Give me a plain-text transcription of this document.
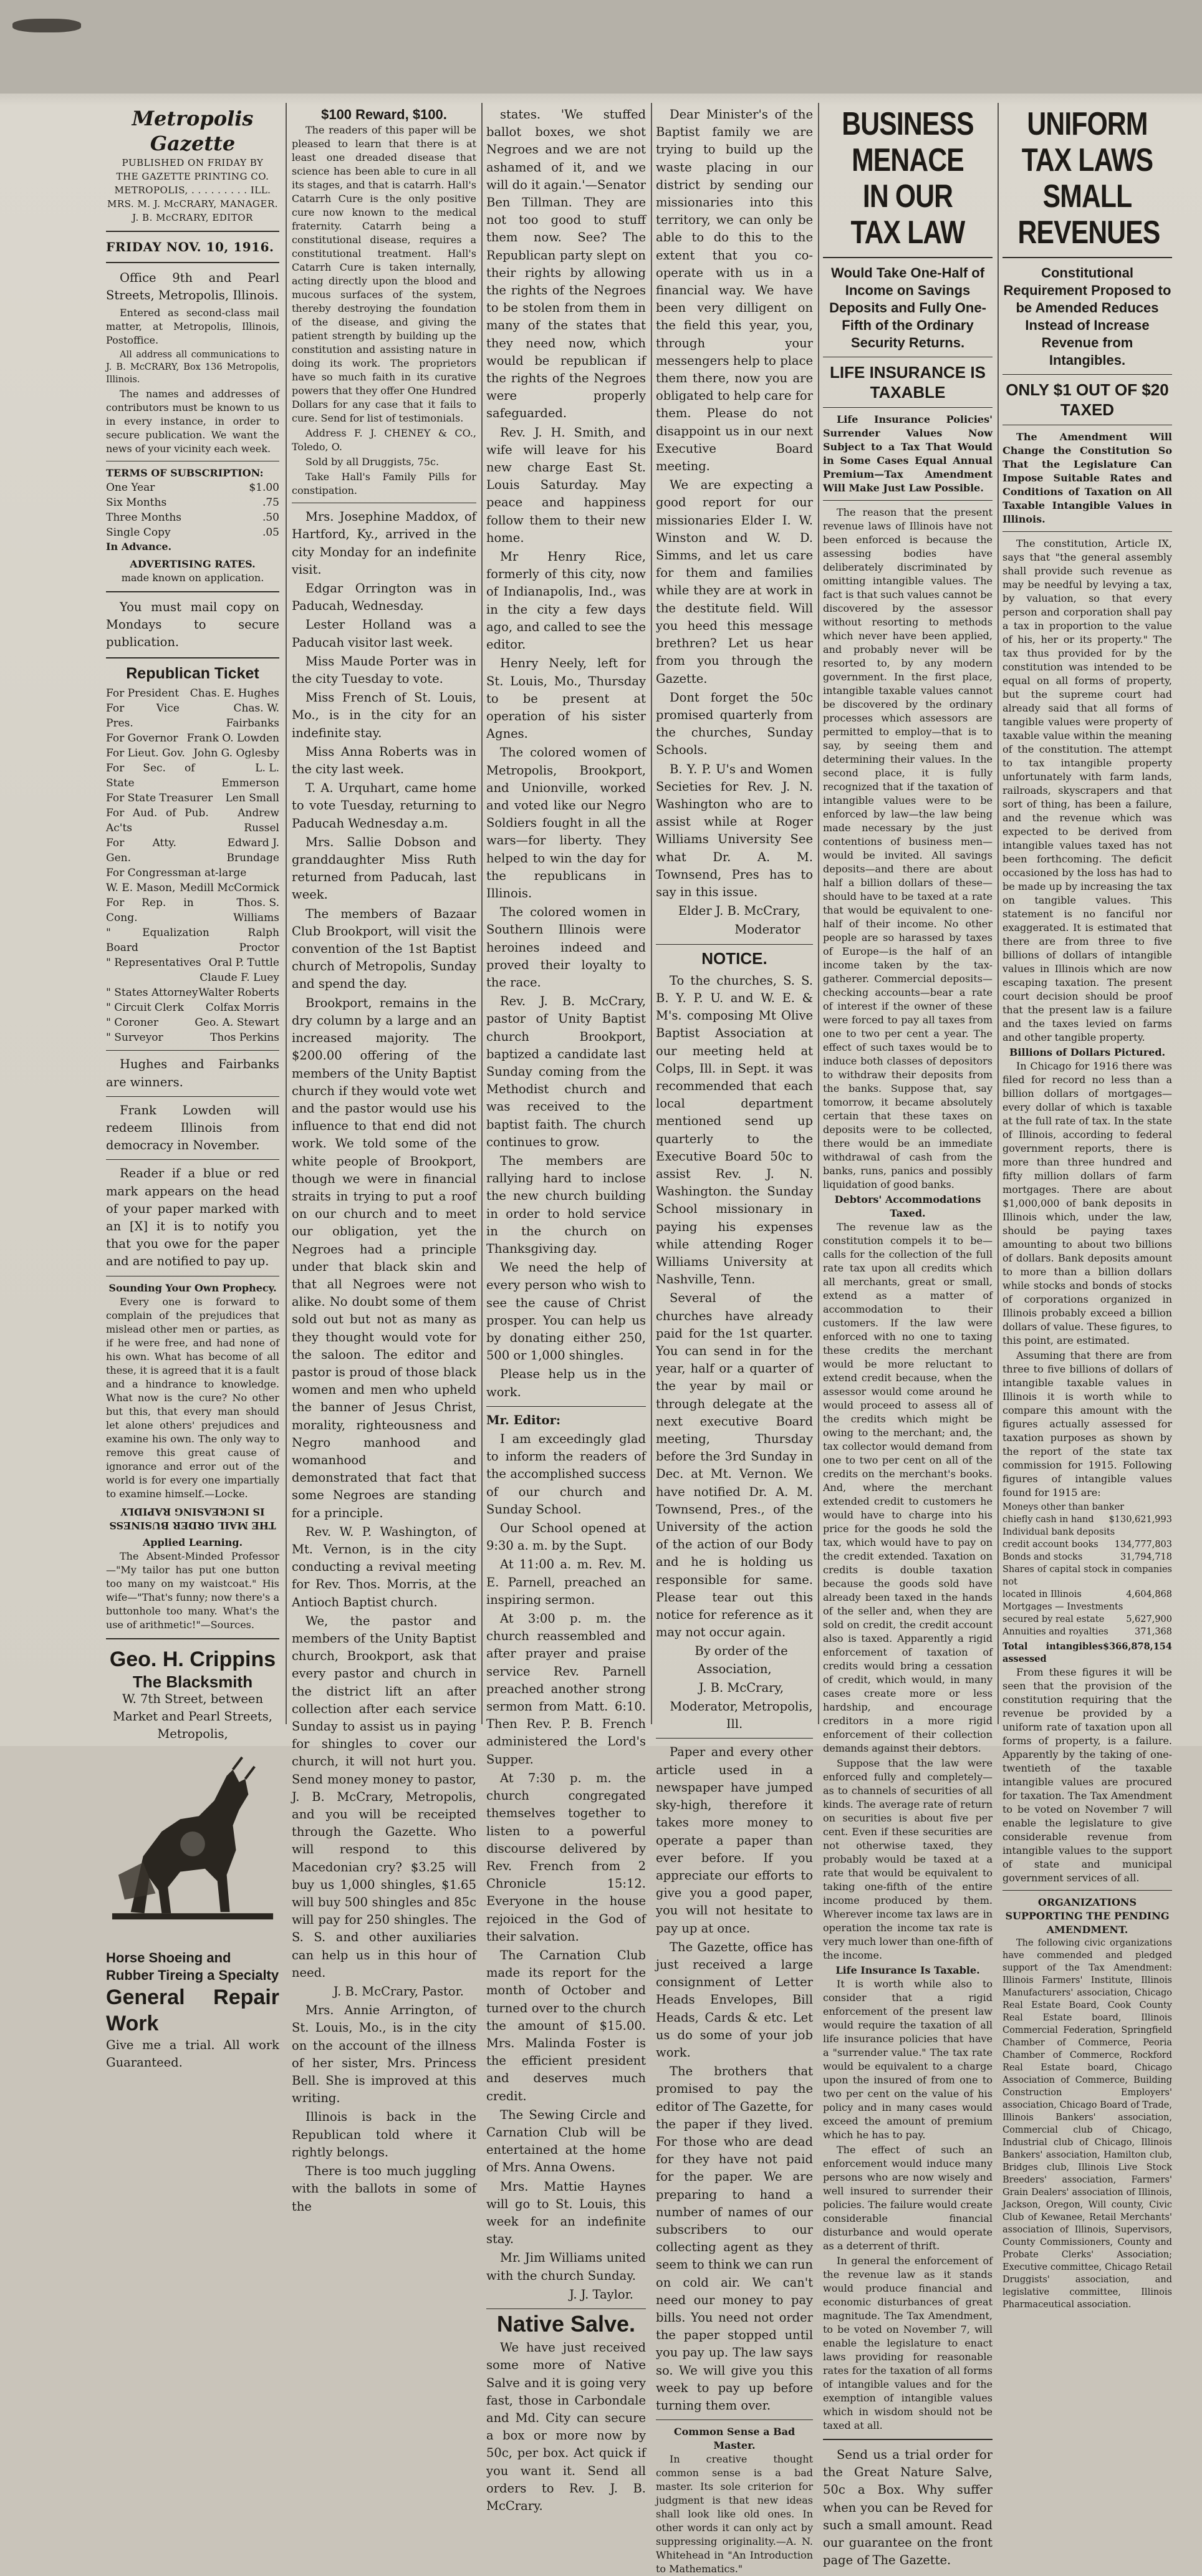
Metropolis Gazette
PUBLISHED ON FRIDAY BY
THE GAZETTE PRINTING CO.
METROPOLIS, . . . . . . . . . ILL.
MRS. M. J. McCRARY, MANAGER.
J. B. McCRARY, EDITOR
FRIDAY NOV. 10, 1916.

Office 9th and Pearl Streets, Metropolis, Illinois.

Entered as second-class mail matter, at Metropolis, Illinois, Postoffice.

All address all communications to J. B. McCRARY, Box 136 Metropolis, Illinois.

The names and addresses of contributors must be known to us in every instance, in order to secure publication. We want the news of your vicinity each week.

TERMS OF SUBSCRIPTION:
One Year	$1.00
Six Months	.75
Three Months	.50
Single Copy	.05
In Advance.
ADVERTISING RATES.
made known on application.

You must mail copy on Mondays to secure publication.

Republican Ticket
For President Chas. E. Hughes
For Vice Pres.
Chas. W. Fairbanks
For Governor Frank O. Lowden
For Lieut. Gov. John G. Oglesby
For Sec. of State
L. L. Emmerson
For State Treasurer Len Small
For Aud. of Pub. Ac'ts
Andrew Russel
For Atty. Gen.
Edward J. Brundage
For Congressman at-large
W. E. Mason, Medill McCormick
For Rep. in Cong.
Thos. S. Williams
" Equalization Board
Ralph Proctor
" Representatives Oral P. Tuttle
Claude F. Luey
" States Attorney Walter Roberts
" Circuit Clerk Colfax Morris
" Coroner	Geo. A. Stewart
" Surveyor	Thos Perkins

Hughes and Fairbanks are winners.

Frank Lowden will redeem Illinois from democracy in November.

Reader if a blue or red mark appears on the head of your paper marked with an [X] it is to notify you that you owe for the paper and are notified to pay up.

Sounding Your Own Prophecy.

Every one is forward to complain of the prejudices that mislead other men or parties, as if he were free, and had none of his own. What has become of all these, it is agreed that it is a fault and a hindrance to knowledge. What now is the cure? No other but this, that every man should let alone others' prejudices and examine his own. The only way to remove this great cause of ignorance and error out of the world is for every one impartially to examine himself.—Locke.

THE MAIL ORDER BUSINESS IS INCREASING RAPIDLY
Applied Learning.

The Absent-Minded Professor—"My tailor has put one button too many on my waistcoat." His wife—"That's funny; now there's a buttonhole too many. What's the use of arithmetic!"—Sources.

Geo. H. Crippins
The Blacksmith

W. 7th Street, between Market and Pearl Streets, Metropolis,

Horse Shoeing and Rubber Tireing a Specialty
General Repair Work

Give me a trial. All work Guaranteed.

$100 Reward, $100.

The readers of this paper will be pleased to learn that there is at least one dreaded disease that science has been able to cure in all its stages, and that is catarrh. Hall's Catarrh Cure is the only positive cure now known to the medical fraternity. Catarrh being a constitutional disease, requires a constitutional treatment. Hall's Catarrh Cure is taken internally, acting directly upon the blood and mucous surfaces of the system, thereby destroying the foundation of the disease, and giving the patient strength by building up the constitution and assisting nature in doing its work. The proprietors have so much faith in its curative powers that they offer One Hundred Dollars for any case that it fails to cure. Send for list of testimonials.

Address F. J. CHENEY & CO., Toledo, O.

Sold by all Druggists, 75c.

Take Hall's Family Pills for constipation.

Mrs. Josephine Maddox, of Hartford, Ky., arrived in the city Monday for an indefinite visit.

Edgar Orrington was in Paducah, Wednesday.

Lester Holland was a Paducah visitor last week.

Miss Maude Porter was in the city Tuesday to vote.

Miss French of St. Louis, Mo., is in the city for an indefinite stay.

Miss Anna Roberts was in the city last week.

T. A. Urquhart, came home to vote Tuesday, returning to Paducah Wednesday a.m.

Mrs. Sallie Dobson and granddaughter Miss Ruth returned from Paducah, last week.

The members of Bazaar Club Brookport, will visit the convention of the 1st Baptist church of Metropolis, Sunday and spend the day.

Brookport, remains in the dry column by a large and an increased majority. The $200.00 offering of the members of the Unity Baptist church if they would vote wet and the pastor would use his influence to that end did not work. We told some of the white people of Brookport, though we were in financial straits in trying to put a roof on our church and to meet our obligation, yet the Negroes had a principle under that black skin and that all Negroes were not alike. No doubt some of them sold out but not as many as they thought would vote for the saloon. The editor and pastor is proud of those black women and men who upheld the banner of Jesus Christ, morality, righteousness and Negro manhood and womanhood and demonstrated that fact that some Negroes are standing for a principle.

Rev. W. P. Washington, of Mt. Vernon, is in the city conducting a revival meeting for Rev. Thos. Morris, at the Antioch Baptist church.

We, the pastor and members of the Unity Baptist church, Brookport, ask that every pastor and church in the district lift an after collection after each service Sunday to assist us in paying for shingles to cover our church, it will not hurt you. Send money money to pastor, J. B. McCrary, Metropolis, and you will be receipted through the Gazette. Who will respond to this Macedonian cry? $3.25 will buy us 1,000 shingles, $1.65 will buy 500 shingles and 85c will pay for 250 shingles. The S. S. and other auxiliaries can help us in this hour of need.

J. B. McCrary, Pastor.

Mrs. Annie Arrington, of St. Louis, Mo., is in the city on the account of the illness of her sister, Mrs. Princess Bell. She is improved at this writing.

Illinois is back in the Republican told where it rightly belongs.

There is too much juggling with the ballots in some of the

states. 'We stuffed ballot boxes, we shot Negroes and we are not ashamed of it, and we will do it again.'—Senator Ben Tillman. They are not too good to stuff them now. See? The Republican party slept on their rights by allowing the rights of the Negroes to be stolen from them in many of the states that they need now, which would be republican if the rights of the Negroes were properly safeguarded.

Rev. J. H. Smith, and wife will leave for his new charge East St. Louis Saturday. May peace and happiness follow them to their new home.

Mr Henry Rice, formerly of this city, now of Indianapolis, Ind., was in the city a few days ago, and called to see the editor.

Henry Neely, left for St. Louis, Mo., Thursday to be present at operation of his sister Agnes.

The colored women of Metropolis, Brookport, and Unionville, worked and voted like our Negro Soldiers fought in all the wars—for liberty. They helped to win the day for the republicans in Illinois.

The colored women in Southern Illinois were heroines indeed and proved their loyalty to the race.

Rev. J. B. McCrary, pastor of Unity Baptist church Brookport, baptized a candidate last Sunday coming from the Methodist church and was received to the baptist faith. The church continues to grow.

The members are rallying hard to inclose the new church building in order to hold service in the church on Thanksgiving day.

We need the help of every person who wish to see the cause of Christ prosper. You can help us by donating either 250, 500 or 1,000 shingles.

Please help us in the work.

Mr. Editor:

I am exceedingly glad to inform the readers of the accomplished success of our church and Sunday School.

Our School opened at 9:30 a. m. by the Supt.

At 11:00 a. m. Rev. M. E. Parnell, preached an inspiring sermon.

At 3:00 p. m. the church reassembled and after prayer and praise service Rev. Parnell preached another strong sermon from Matt. 6:10. Then Rev. P. B. French administered the Lord's Supper.

At 7:30 p. m. the church congregated themselves together to listen to a powerful discourse delivered by Rev. French from 2 Chronicle 15:12. Everyone in the house rejoiced in the God of their salvation.

The Carnation Club made its report for the month of October and turned over to the church the amount of $15.00. Mrs. Malinda Foster is the efficient president and deserves much credit.

The Sewing Circle and Carnation Club will be entertained at the home of Mrs. Anna Owens.

Mrs. Mattie Haynes will go to St. Louis, this week for an indefinite stay.

Mr. Jim Williams united with the church Sunday.

J. J. Taylor.

Native Salve.

We have just received some more of Native Salve and it is going very fast, those in Carbondale and Md. City can secure a box or more now by 50c, per box. Act quick if you want it. Send all orders to Rev. J. B. McCrary.

Dear Minister's of the Baptist family we are trying to build up the waste placing in our district by sending our missionaries into this territory, we can only be able to do this to the extent that you co-operate with us in a financial way. We have been very dilligent on the field this year, you, through your messengers help to place them there, now you are obligated to help care for them. Please do not disappoint us in our next Executive Board meeting.

We are expecting a good report for our missionaries Elder I. W. Winston and W. D. Simms, and let us care for them and families while they are at work in the destitute field. Will you heed this message brethren? Let us hear from you through the Gazette.

Dont forget the 50c promised quarterly from the churches, Sunday Schools.

B. Y. P. U's and Women Secieties for Rev. J. N. Washington who are to assist while at Roger Williams University See what Dr. A. M. Townsend, Pres has to say in this issue.

Elder J. B. McCrary,

Moderator

NOTICE.

To the churches, S. S. B. Y. P. U. and W. E. & M's. composing Mt Olive Baptist Association at our meeting held at Colps, Ill. in Sept. it was recommended that each local department mentioned send up quarterly to the Executive Board 50c to assist Rev. J. N. Washington. the Sunday School missionary in paying his expenses while attending Roger Williams University at Nashville, Tenn.

Several of the churches have already paid for the 1st quarter. You can send in for the year, half or a quarter of the year by mail or through delegate at the next executive Board meeting, Thursday before the 3rd Sunday in Dec. at Mt. Vernon. We have notified Dr. A. M. Townsend, Pres., of the University of the action of the action of our Body and he is holding us responsible for same. Please tear out this notice for reference as it may not occur again.

By order of the Association,

J. B. McCrary,

Moderator, Metropolis, Ill.

Paper and every other article used in a newspaper have jumped sky-high, therefore it takes more money to operate a paper than ever before. If you appreciate our efforts to give you a good paper, you will not hesitate to pay up at once.

The Gazette, office has just received a large consignment of Letter Heads Envelopes, Bill Heads, Cards & etc. Let us do some of your job work.

The brothers that promised to pay the editor of The Gazette, for the paper if they lived. For those who are dead for they have not paid for the paper. We are preparing to hand a number of names of our subscribers to our collecting agent as they seem to think we can run on cold air. We can't need our money to pay bills. You need not order the paper stopped until you pay up. The law says so. We will give you this week to pay up before turning them over.

Common Sense a Bad Master.

In creative thought common sense is a bad master. Its sole criterion for judgment is that new ideas shall look like old ones. In other words it can only act by suppressing originality.—A. N. Whitehead in "An Introduction to Mathematics."

BUSINESS MENACE IN OUR TAX LAW
Would Take One-Half of Income on Savings Deposits and Fully One-Fifth of the Ordinary Security Returns.
LIFE INSURANCE IS TAXABLE

Life Insurance Policies' Surrender Values Now Subject to a Tax That Would in Some Cases Equal Annual Premium—Tax Amendment Will Make Just Law Possible.

The reason that the present revenue laws of Illinois have not been enforced is because the assessing bodies have deliberately discriminated by omitting intangible values. The fact is that such values cannot be discovered by the assessor without resorting to methods which never have been applied, and probably never will be resorted to, by any modern government. In the first place, intangible taxable values cannot be discovered by the ordinary processes which assessors are permitted to employ—that is to say, by seeing them and determining their values. In the second place, it is fully recognized that if the taxation of intangible values were to be enforced by law—the law being made necessary by the just contentions of business men—would be invited. All savings deposits—and there are about half a billion dollars of these—should have to be taxed at a rate that would be equivalent to one-half of their income. No other people are so harassed by taxes of Europe—is the half of an income taken by the tax-gatherer. Commercial deposits—checking accounts—bear a rate of interest if the owner of these were forced to pay all taxes from one to two per cent a year. The effect of such taxes would be to induce both classes of depositors to withdraw their deposits from the banks. Suppose that, say tomorrow, it became absolutely certain that these taxes on deposits were to be collected, there would be an immediate withdrawal of cash from the banks, runs, panics and possibly liquidation of good banks.

Debtors' Accommodations Taxed.

The revenue law as the constitution compels it to be—calls for the collection of the full rate tax upon all credits which all merchants, great or small, extend as a matter of accommodation to their customers. If the law were enforced with no one to taxing these credits the merchant would be more reluctant to extend credit because, when the assessor would come around he would proceed to assess all of the credits which might be owing to the merchant; and, the tax collector would demand from one to two per cent on all of the credits on the merchant's books. And, where the merchant extended credit to customers he would have to charge into his price for the goods he sold the tax, which would have to pay on the credit extended. Taxation on credits is double taxation because the goods sold have already been taxed in the hands of the seller and, when they are sold on credit, the credit account also is taxed. Apparently a rigid enforcement of taxation of credits would bring a cessation of credit, which would, in many cases create more or less hardship, and encourage creditors in a more rigid enforcement of their collection demands against their debtors.

Suppose that the law were enforced fully and completely—as to channels of securities of all kinds. The average rate of return on securities is about five per cent. Even if these securities are not otherwise taxed, they probably would be taxed at a rate that would be equivalent to taking one-fifth of the entire income produced by them. Wherever income tax laws are in operation the income tax rate is very much lower than one-fifth of the income.

Life Insurance Is Taxable.

It is worth while also to consider that a rigid enforcement of the present law would require the taxation of all life insurance policies that have a "surrender value." The tax rate would be equivalent to a charge upon the insured of from one to two per cent on the value of his policy and in many cases would exceed the amount of premium which he has to pay.

The effect of such an enforcement would induce many persons who are now wisely and well insured to surrender their policies. The failure would create considerable financial disturbance and would operate as a deterrent of thrift.

In general the enforcement of the revenue law as it stands would produce financial and economic disturbances of great magnitude. The Tax Amendment, to be voted on November 7, will enable the legislature to enact laws providing for reasonable rates for the taxation of all forms of intangible values and for the exemption of intangible values which in wisdom should not be taxed at all.

Send us a trial order for the Great Nature Salve, 50c a Box. Why suffer when you can be Reved for such a small amount. Read our guarantee on the front page of The Gazette.

UNIFORM TAX LAWS SMALL REVENUES
Constitutional Requirement Proposed to be Amended Reduces Instead of Increase Revenue from Intangibles.
ONLY $1 OUT OF $20 TAXED

The Amendment Will Change the Constitution So That the Legislature Can Impose Suitable Rates and Conditions of Taxation on All Taxable Intangible Values in Illinois.

The constitution, Article IX, says that "the general assembly shall provide such revenue as may be needful by levying a tax, by valuation, so that every person and corporation shall pay a tax in proportion to the value of his, her or its property." The tax thus provided for by the constitution was intended to be equal on all forms of property, but the supreme court had already said that all forms of tangible values were property of taxable value within the meaning of the constitution. The attempt to tax intangible property unfortunately with farm lands, railroads, skyscrapers and that sort of thing, has been a failure, and the revenue which was expected to be derived from intangible values taxed has not been forthcoming. The deficit occasioned by the loss has had to be made up by increasing the tax on tangible values. This statement is no fanciful nor exaggerated. It is estimated that there are from three to five billions of dollars of intangible values in Illinois which are now escaping taxation. The present court decision should be proof that the present law is a failure and the taxes levied on farms and other tangible property.

Billions of Dollars Pictured.

In Chicago for 1916 there was filed for record no less than a billion dollars of mortgages—every dollar of which is taxable at the full rate of tax. In the state of Illinois, according to federal government reports, there is more than three hundred and fifty million dollars of farm mortgages. There are about $1,000,000 of bank deposits in Illinois which, under the law, should be paying taxes amounting to about two billions of dollars. Bank deposits amount to more than a billion dollars while stocks and bonds of stocks of corporations organized in Illinois probably exceed a billion dollars of value. These figures, to this point, are estimated.

Assuming that there are from three to five billions of dollars of intangible taxable values in Illinois it is worth while to compare this amount with the figures actually assessed for taxation purposes as shown by the report of the state tax commission for 1915. Following figures of intangible values found for 1915 are:

Moneys other than banker
chiefly cash in hand $130,621,993
Individual bank deposits
credit account books 134,777,803
Bonds and stocks	31,794,718
Shares of capital stock in companies not
located in Illinois	4,604,868
Mortgages — Investments
secured by real estate 5,627,900
Annuities and royalties	371,368
Total intangibles assessed
$366,878,154

From these figures it will be seen that the provision of the constitution requiring that the revenue be provided by a uniform rate of taxation upon all forms of property, is a failure. Apparently by the taking of one-twentieth of the taxable intangible values are procured for taxation. The Tax Amendment to be voted on November 7 will enable the legislature to give considerable revenue from intangible values to the support of state and municipal government services of all.

ORGANIZATIONS SUPPORTING THE PENDING AMENDMENT.

The following civic organizations have commended and pledged support of the Tax Amendment: Illinois Farmers' Institute, Illinois Manufacturers' association, Chicago Real Estate Board, Cook County Real Estate board, Illinois Commercial Federation, Springfield Chamber of Commerce, Peoria Chamber of Commerce, Rockford Real Estate board, Chicago Association of Commerce, Building Construction Employers' association, Chicago Board of Trade, Illinois Bankers' association, Commercial club of Chicago, Industrial club of Chicago, Illinois Bankers' association, Hamilton club, Bridges club, Illinois Live Stock Breeders' association, Farmers' Grain Dealers' association of Illinois, Jackson, Oregon, Will county, Civic Club of Kewanee, Retail Merchants' association of Illinois, Supervisors, County Commissioners, County and Probate Clerks' Association; Executive committee, Chicago Retail Druggists' association, and legislative committee, Illinois Pharmaceutical association.
